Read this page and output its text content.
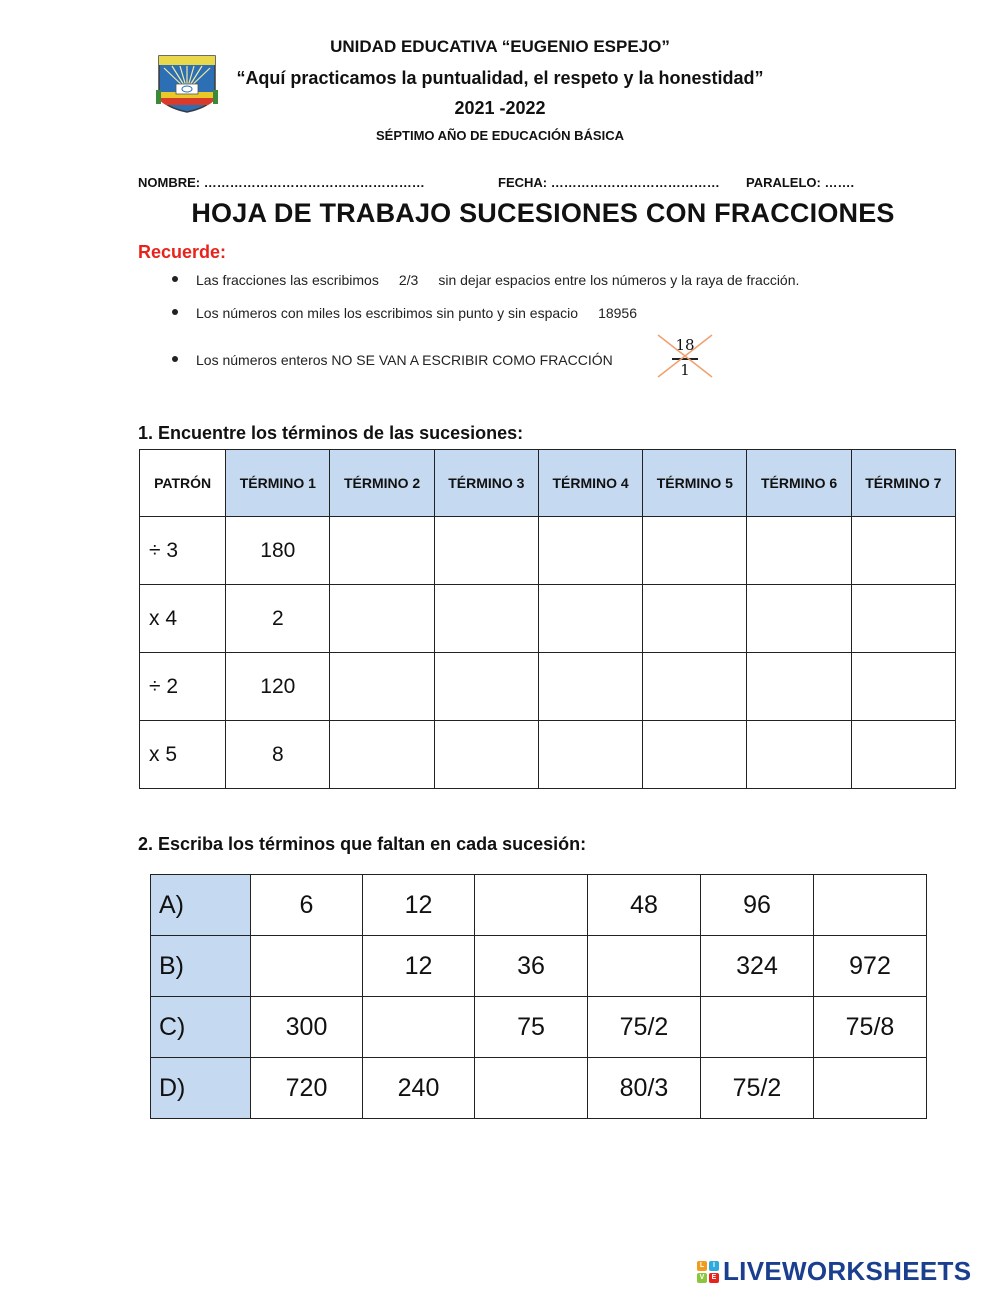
UNIDAD EDUCATIVA “EUGENIO ESPEJO”
“Aquí practicamos la puntualidad, el respeto y la honestidad”
2021 -2022
SÉPTIMO AÑO DE EDUCACIÓN BÁSICA
NOMBRE: ……………………………………………	FECHA: ………………………………… PARALELO: …….
HOJA DE TRABAJO SUCESIONES CON FRACCIONES
Recuerde:
Las fracciones las escribimos 2/3 sin dejar espacios entre los números y la raya de fracción.
Los números con miles los escribimos sin punto y sin espacio 18956
Los números enteros NO SE VAN A ESCRIBIR COMO FRACCIÓN
18
1
1. Encuentre los términos de las sucesiones:
PATRÓN	TÉRMINO 1	TÉRMINO 2	TÉRMINO 3	TÉRMINO 4	TÉRMINO 5	TÉRMINO 6	TÉRMINO 7
÷ 3	180						
x 4	2						
÷ 2	120						
x 5	8						
2. Escriba los términos que faltan en cada sucesión:
A)	6	12		48	96	
B)		12	36		324	972
C)	300		75	75/2		75/8
D)	720	240		80/3	75/2	
L	I
V	E LIVEWORKSHEETS
